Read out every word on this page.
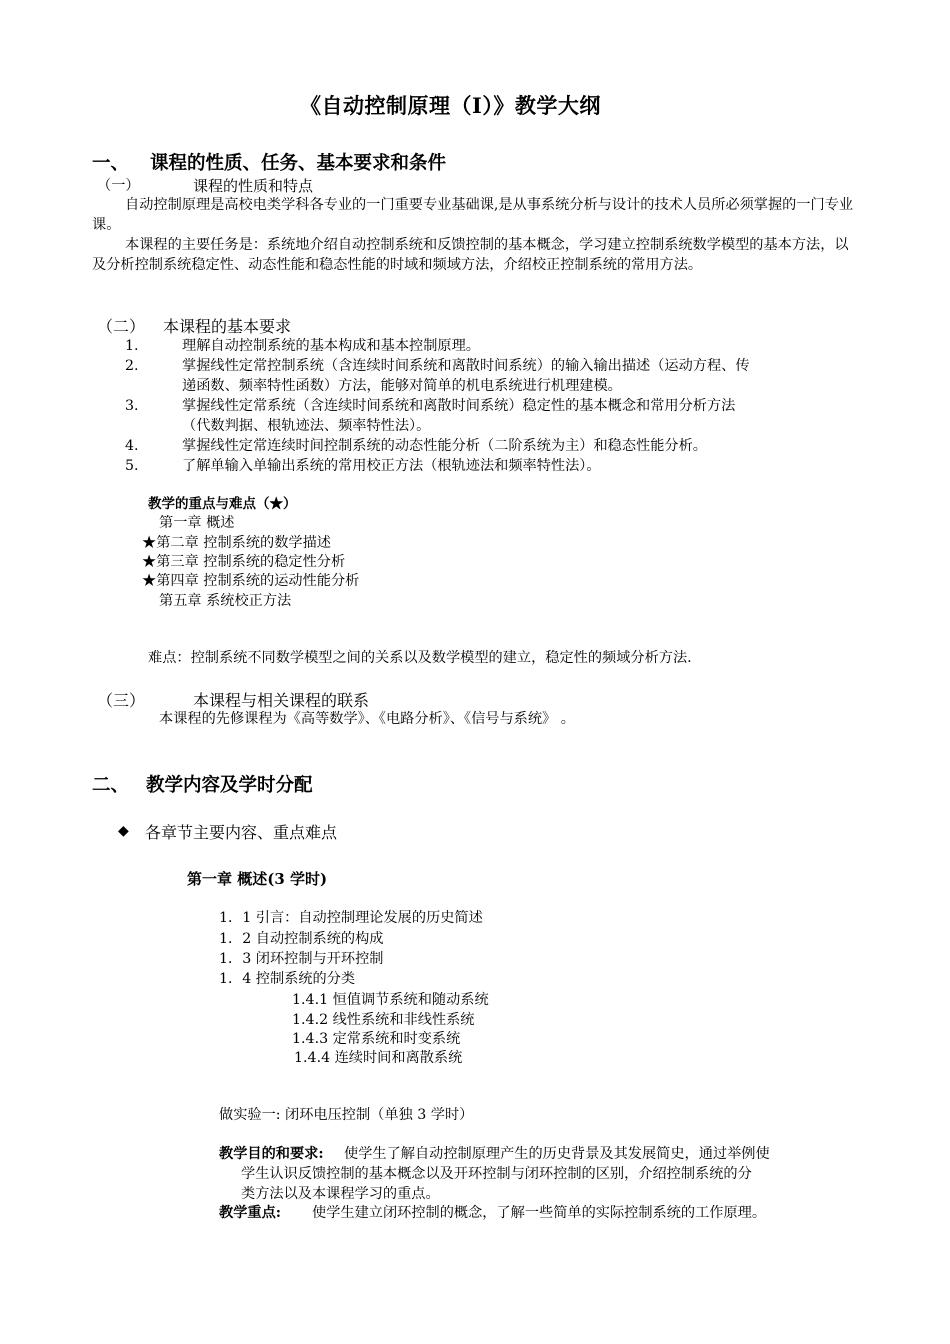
《自动控制原理（I）》教学大纲
一、 课程的性质、任务、基本要求和条件
（一）	课程的性质和特点
自动控制原理是高校电类学科各专业的一门重要专业基础课,是从事系统分析与设计的技术人员所必须掌握的一门专业课。
本课程的主要任务是：系统地介绍自动控制系统和反馈控制的基本概念，学习建立控制系统数学模型的基本方法，以及分析控制系统稳定性、动态性能和稳态性能的时域和频域方法，介绍校正控制系统的常用方法。
（二） 本课程的基本要求
1.	理解自动控制系统的基本构成和基本控制原理。
2.	掌握线性定常控制系统（含连续时间系统和离散时间系统）的输入输出描述（运动方程、传
递函数、频率特性函数）方法，能够对简单的机电系统进行机理建模。
3.	掌握线性定常系统（含连续时间系统和离散时间系统）稳定性的基本概念和常用分析方法
（代数判据、根轨迹法、频率特性法）。
4.	掌握线性定常连续时间控制系统的动态性能分析（二阶系统为主）和稳态性能分析。
5.	了解单输入单输出系统的常用校正方法（根轨迹法和频率特性法）。
教学的重点与难点（★）
第一章 概述
★第二章 控制系统的数学描述
★第三章 控制系统的稳定性分析
★第四章 控制系统的运动性能分析
第五章 系统校正方法
难点：控制系统不同数学模型之间的关系以及数学模型的建立，稳定性的频域分析方法.
（三）	本课程与相关课程的联系
本课程的先修课程为《高等数学》、《电路分析》、《信号与系统》 。
二、 教学内容及学时分配
◆ 各章节主要内容、重点难点
第一章 概述(3 学时)
1．1 引言：自动控制理论发展的历史简述
1．2 自动控制系统的构成
1．3 闭环控制与开环控制
1．4 控制系统的分类
1.4.1 恒值调节系统和随动系统
1.4.2 线性系统和非线性系统
1.4.3 定常系统和时变系统
1.4.4 连续时间和离散系统
做实验一: 闭环电压控制（单独 3 学时）
教学目的和要求: 使学生了解自动控制原理产生的历史背景及其发展简史，通过举例使
学生认识反馈控制的基本概念以及开环控制与闭环控制的区别，介绍控制系统的分
类方法以及本课程学习的重点。
教学重点: 使学生建立闭环控制的概念，了解一些简单的实际控制系统的工作原理。
